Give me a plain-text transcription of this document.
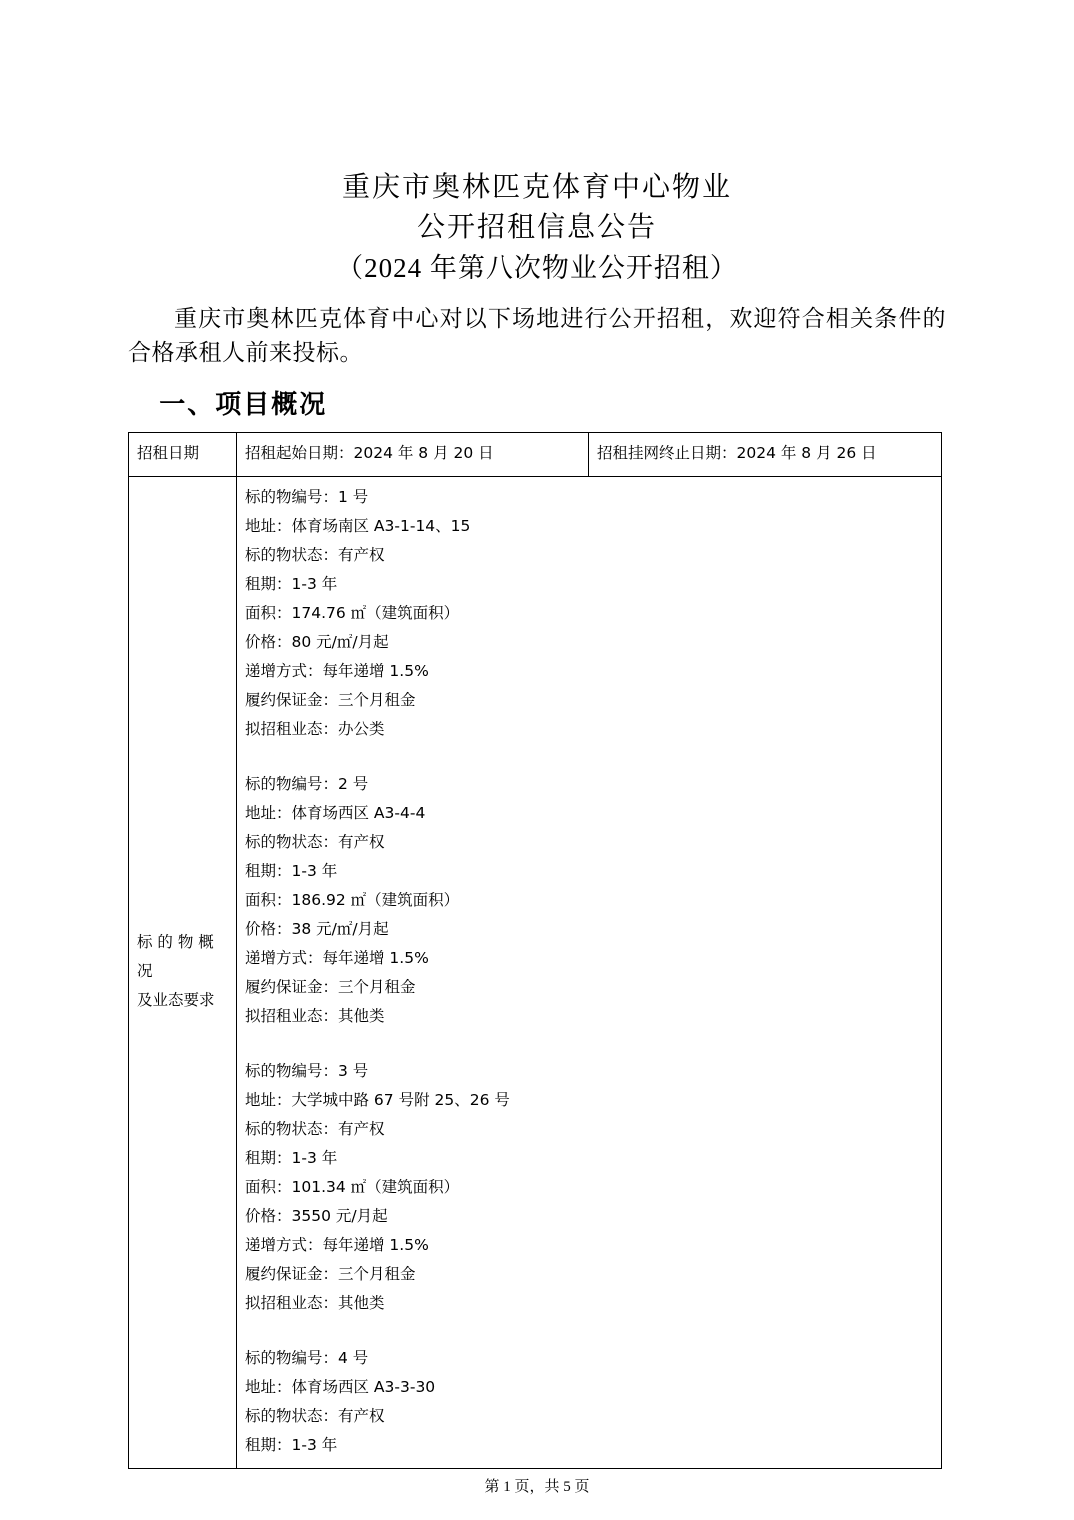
重庆市奥林匹克体育中心物业
公开招租信息公告
（2024 年第八次物业公开招租）
重庆市奥林匹克体育中心对以下场地进行公开招租，欢迎符合相关条件的合格承租人前来投标。
一、项目概况
招租日期	招租起始日期：2024 年 8 月 20 日	招租挂网终止日期：2024 年 8 月 26 日

标 的 物 概 况
及业态要求

标的物编号：1 号
地址：体育场南区 A3-1-14、15
标的物状态：有产权
租期：1-3 年
面积：174.76 ㎡（建筑面积）
价格：80 元/㎡/月起
递增方式：每年递增 1.5%
履约保证金：三个月租金
拟招租业态：办公类
标的物编号：2 号
地址：体育场西区 A3-4-4
标的物状态：有产权
租期：1-3 年
面积：186.92 ㎡（建筑面积）
价格：38 元/㎡/月起
递增方式：每年递增 1.5%
履约保证金：三个月租金
拟招租业态：其他类
标的物编号：3 号
地址：大学城中路 67 号附 25、26 号
标的物状态：有产权
租期：1-3 年
面积：101.34 ㎡（建筑面积）
价格：3550 元/月起
递增方式：每年递增 1.5%
履约保证金：三个月租金
拟招租业态：其他类
标的物编号：4 号
地址：体育场西区 A3-3-30
标的物状态：有产权
租期：1-3 年
第 1 页，共 5 页
